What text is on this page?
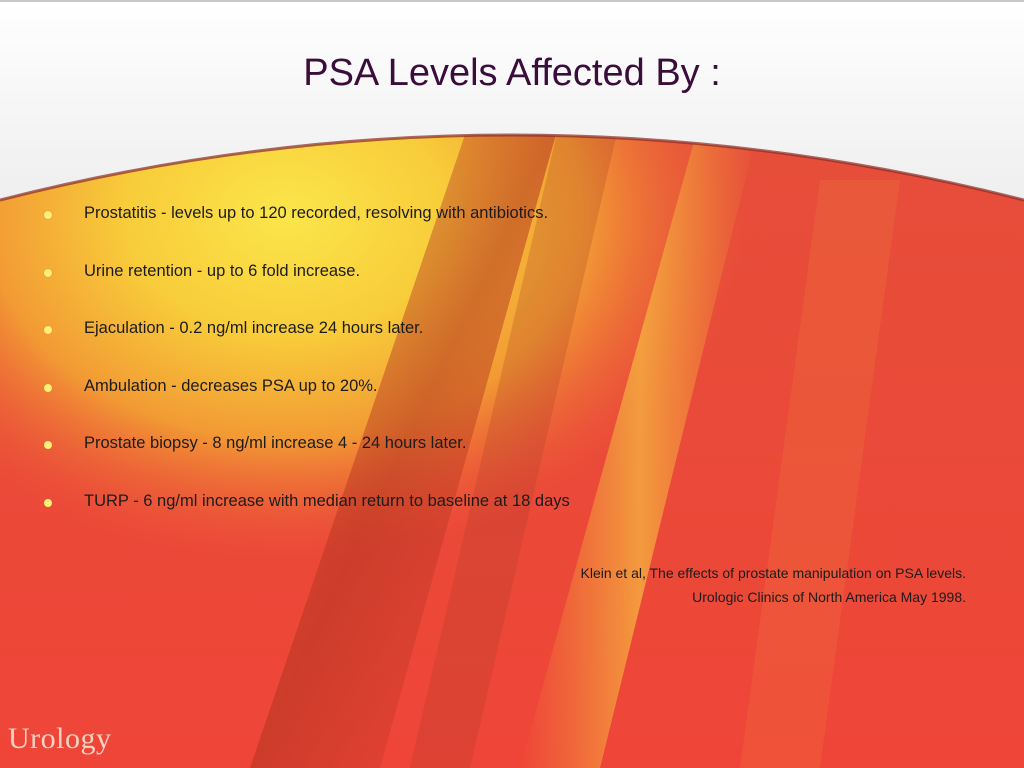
PSA Levels Affected By :
Prostatitis - levels up to 120 recorded, resolving with antibiotics.
Urine retention - up to 6 fold increase.
Ejaculation - 0.2 ng/ml increase 24 hours later.
Ambulation - decreases PSA up to 20%.
Prostate biopsy - 8 ng/ml increase 4 - 24 hours later.
TURP - 6 ng/ml increase with median return to baseline at 18 days
Klein et al, The effects of prostate manipulation on PSA levels.
Urologic Clinics of North America May 1998.
Urology
